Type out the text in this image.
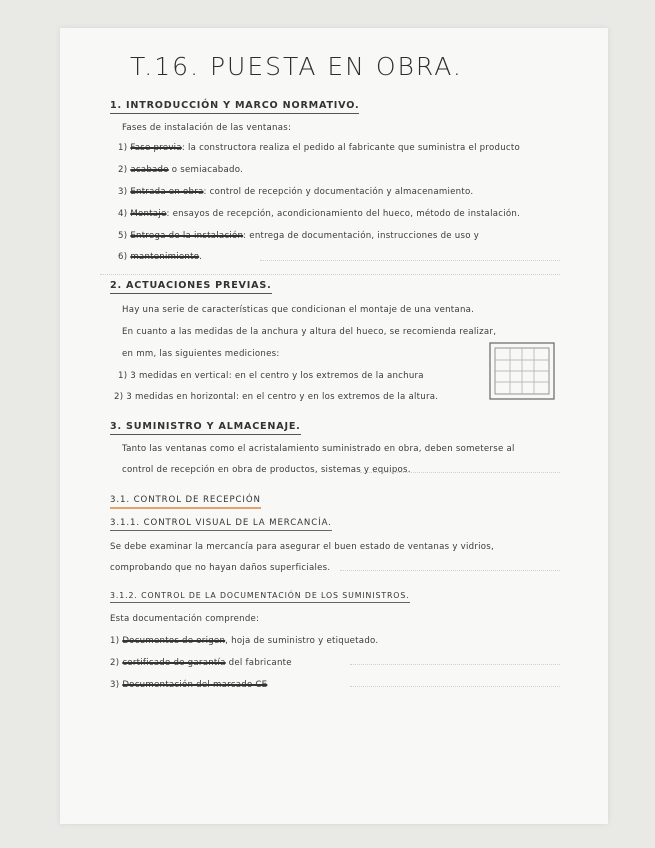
T.16. PUESTA EN OBRA.
1. INTRODUCCIÓN Y MARCO NORMATIVO.
Fases de instalación de las ventanas:
1) Fase previa: la constructora realiza el pedido al fabricante que suministra el producto
2) acabado o semiacabado.
3) Entrada en obra: control de recepción y documentación y almacenamiento.
4) Montaje: ensayos de recepción, acondicionamiento del hueco, método de instalación.
5) Entrega de la instalación: entrega de documentación, instrucciones de uso y
6) mantenimiento.
2. ACTUACIONES PREVIAS.
Hay una serie de características que condicionan el montaje de una ventana.
En cuanto a las medidas de la anchura y altura del hueco, se recomienda realizar,
en mm, las siguientes mediciones:
1) 3 medidas en vertical: en el centro y los extremos de la anchura
2) 3 medidas en horizontal: en el centro y en los extremos de la altura.
3. SUMINISTRO Y ALMACENAJE.
Tanto las ventanas como el acristalamiento suministrado en obra, deben someterse al
control de recepción en obra de productos, sistemas y equipos.
3.1. CONTROL DE RECEPCIÓN
3.1.1. CONTROL VISUAL DE LA MERCANCÍA.
Se debe examinar la mercancía para asegurar el buen estado de ventanas y vidrios,
comprobando que no hayan daños superficiales.
3.1.2. CONTROL DE LA DOCUMENTACIÓN DE LOS SUMINISTROS.
Esta documentación comprende:
1) Documentos de origen, hoja de suministro y etiquetado.
2) certificado de garantía del fabricante
3) Documentación del marcado CE
